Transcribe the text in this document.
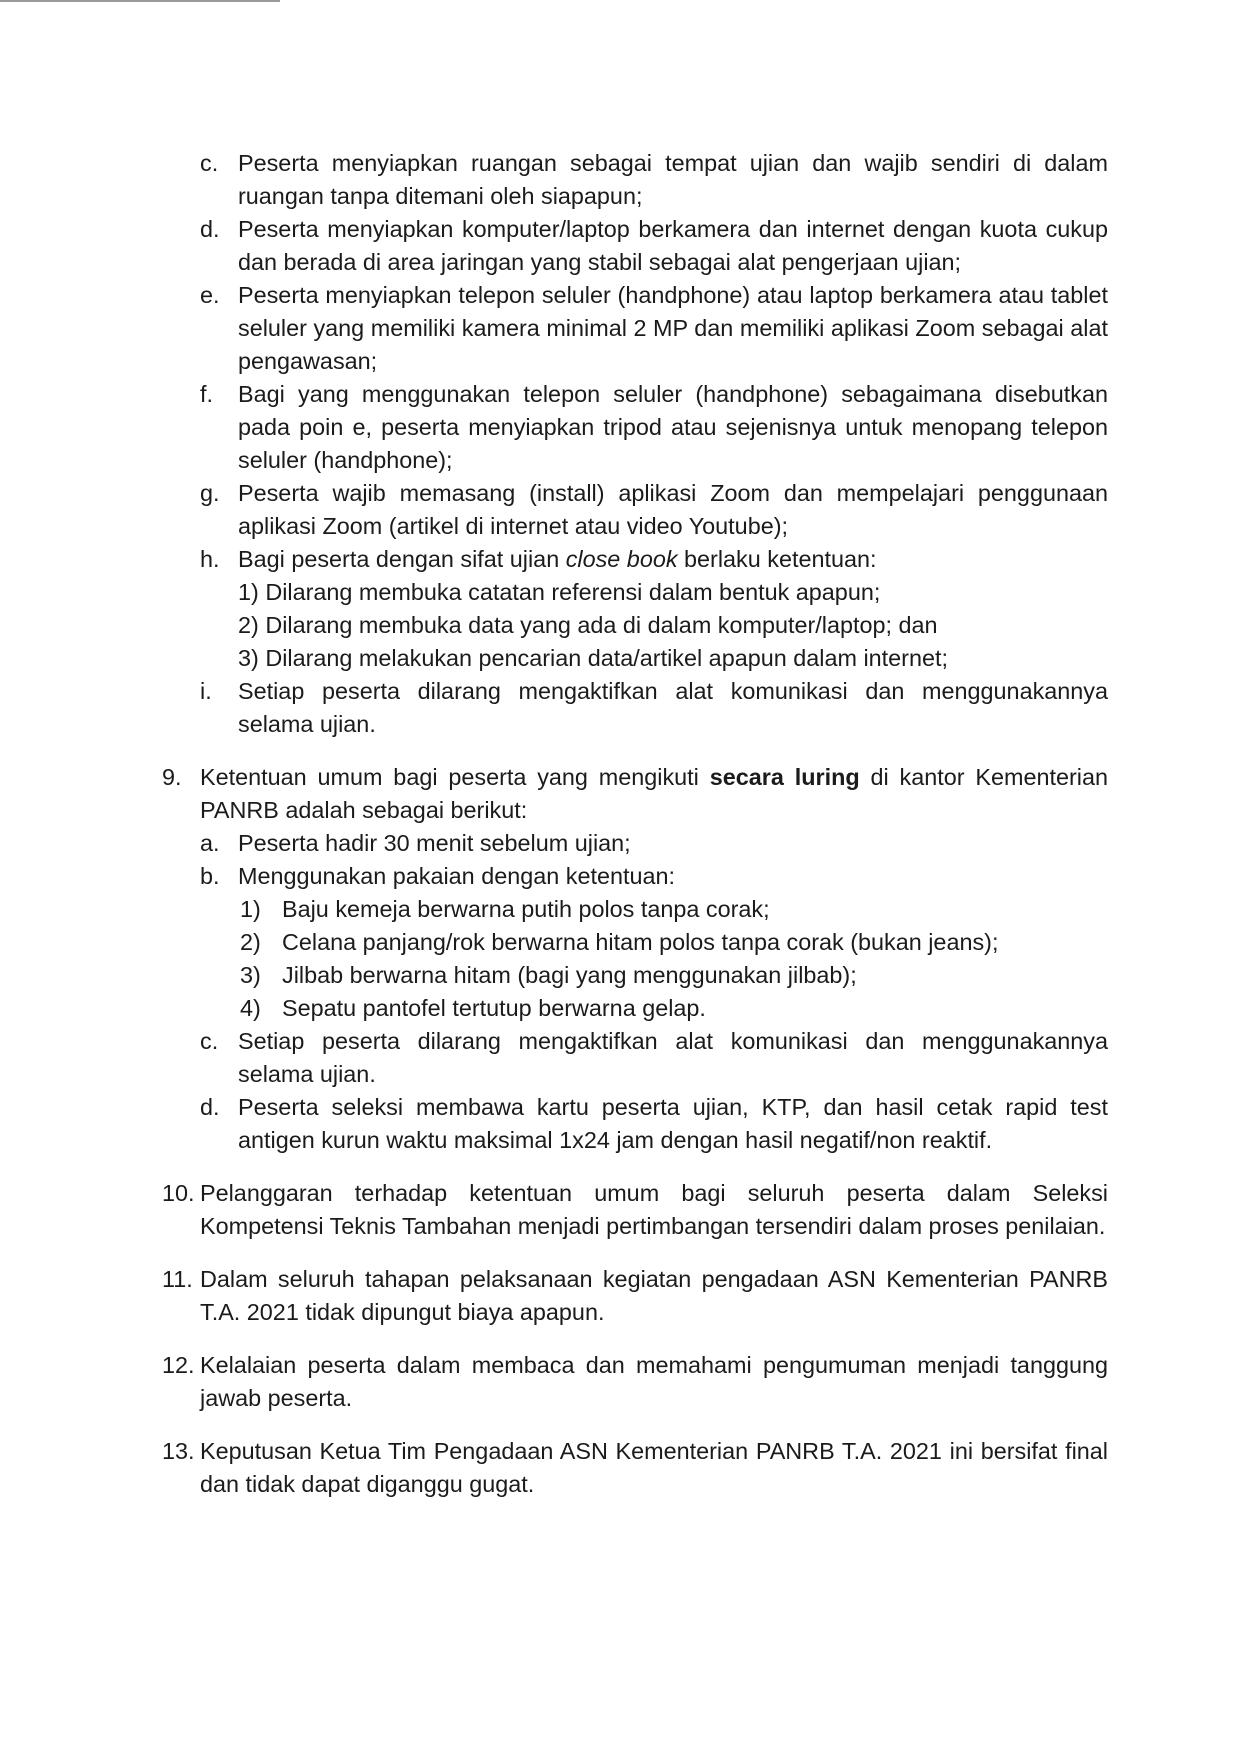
c. Peserta menyiapkan ruangan sebagai tempat ujian dan wajib sendiri di dalam ruangan tanpa ditemani oleh siapapun;
d. Peserta menyiapkan komputer/laptop berkamera dan internet dengan kuota cukup dan berada di area jaringan yang stabil sebagai alat pengerjaan ujian;
e. Peserta menyiapkan telepon seluler (handphone) atau laptop berkamera atau tablet seluler yang memiliki kamera minimal 2 MP dan memiliki aplikasi Zoom sebagai alat pengawasan;
f. Bagi yang menggunakan telepon seluler (handphone) sebagaimana disebutkan pada poin e, peserta menyiapkan tripod atau sejenisnya untuk menopang telepon seluler (handphone);
g. Peserta wajib memasang (install) aplikasi Zoom dan mempelajari penggunaan aplikasi Zoom (artikel di internet atau video Youtube);
h. Bagi peserta dengan sifat ujian close book berlaku ketentuan:
1) Dilarang membuka catatan referensi dalam bentuk apapun;
2) Dilarang membuka data yang ada di dalam komputer/laptop; dan
3) Dilarang melakukan pencarian data/artikel apapun dalam internet;
i. Setiap peserta dilarang mengaktifkan alat komunikasi dan menggunakannya selama ujian.
9. Ketentuan umum bagi peserta yang mengikuti secara luring di kantor Kementerian PANRB adalah sebagai berikut:
a. Peserta hadir 30 menit sebelum ujian;
b. Menggunakan pakaian dengan ketentuan:
1) Baju kemeja berwarna putih polos tanpa corak;
2) Celana panjang/rok berwarna hitam polos tanpa corak (bukan jeans);
3) Jilbab berwarna hitam (bagi yang menggunakan jilbab);
4) Sepatu pantofel tertutup berwarna gelap.
c. Setiap peserta dilarang mengaktifkan alat komunikasi dan menggunakannya selama ujian.
d. Peserta seleksi membawa kartu peserta ujian, KTP, dan hasil cetak rapid test antigen kurun waktu maksimal 1x24 jam dengan hasil negatif/non reaktif.
10. Pelanggaran terhadap ketentuan umum bagi seluruh peserta dalam Seleksi Kompetensi Teknis Tambahan menjadi pertimbangan tersendiri dalam proses penilaian.
11. Dalam seluruh tahapan pelaksanaan kegiatan pengadaan ASN Kementerian PANRB T.A. 2021 tidak dipungut biaya apapun.
12. Kelalaian peserta dalam membaca dan memahami pengumuman menjadi tanggung jawab peserta.
13. Keputusan Ketua Tim Pengadaan ASN Kementerian PANRB T.A. 2021 ini bersifat final dan tidak dapat diganggu gugat.
